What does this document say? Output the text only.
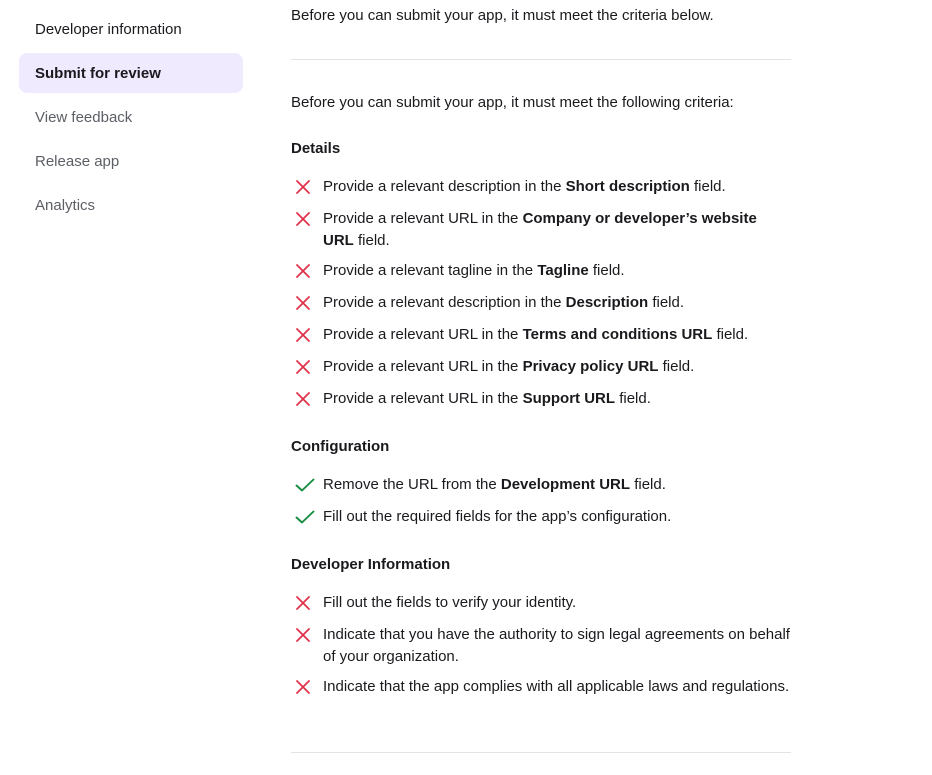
Developer information
Submit for review
View feedback
Release app
Analytics
Before you can submit your app, it must meet the criteria below.
Before you can submit your app, it must meet the following criteria:
Details
Configuration
Developer Information
Provide a relevant description in the Short description field.
Provide a relevant URL in the Company or developer’s website URL field.
Provide a relevant tagline in the Tagline field.
Provide a relevant description in the Description field.
Provide a relevant URL in the Terms and conditions URL field.
Provide a relevant URL in the Privacy policy URL field.
Provide a relevant URL in the Support URL field.
Remove the URL from the Development URL field.
Fill out the required fields for the app’s configuration.
Fill out the fields to verify your identity.
Indicate that you have the authority to sign legal agreements on behalf of your organization.
Indicate that the app complies with all applicable laws and regulations.
